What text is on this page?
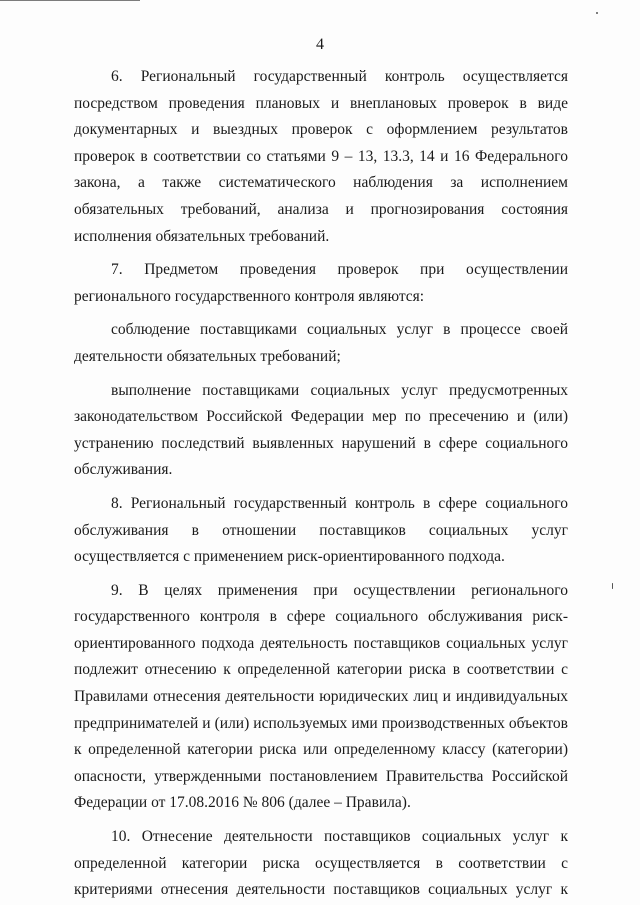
4

6. Региональный государственный контроль осуществляется посредством проведения плановых и внеплановых проверок в виде документарных и выездных проверок с оформлением результатов проверок в соответствии со статьями 9 – 13, 13.3, 14 и 16 Федерального закона, а также систематического наблюдения за исполнением обязательных требований, анализа и прогнозирования состояния исполнения обязательных требований.

7. Предметом проведения проверок при осуществлении регионального государственного контроля являются:

соблюдение поставщиками социальных услуг в процессе своей деятельности обязательных требований;

выполнение поставщиками социальных услуг предусмотренных законодательством Российской Федерации мер по пресечению и (или) устранению последствий выявленных нарушений в сфере социального обслуживания.

8. Региональный государственный контроль в сфере социального обслуживания в отношении поставщиков социальных услуг осуществляется с применением риск-ориентированного подхода.

9. В целях применения при осуществлении регионального государственного контроля в сфере социального обслуживания риск-ориентированного подхода деятельность поставщиков социальных услуг подлежит отнесению к определенной категории риска в соответствии с Правилами отнесения деятельности юридических лиц и индивидуальных предпринимателей и (или) используемых ими производственных объектов к определенной категории риска или определенному классу (категории) опасности, утвержденными постановлением Правительства Российской Федерации от 17.08.2016 № 806 (далее – Правила).

10. Отнесение деятельности поставщиков социальных услуг к определенной категории риска осуществляется в соответствии с критериями отнесения деятельности поставщиков социальных услуг к
